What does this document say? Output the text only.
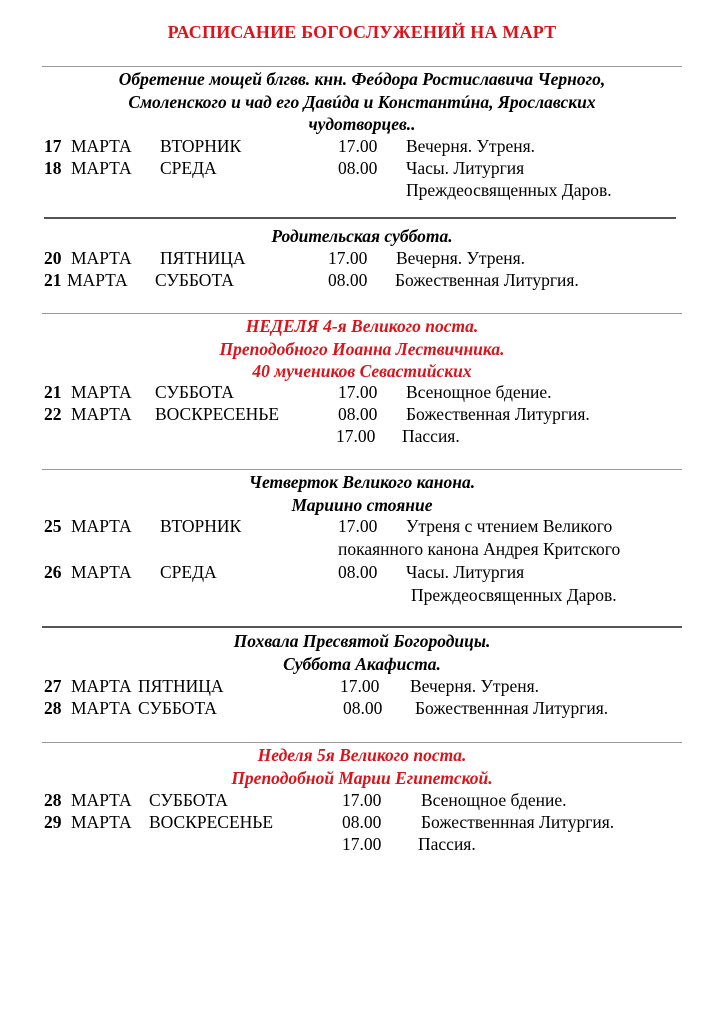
РАСПИСАНИЕ БОГОСЛУЖЕНИЙ НА МАРТ
Обретение мощей блгвв. кнн. Феóдора Ростиславича Черного,
Смоленского и чад его Давúда и Константúна, Ярославских
чудотворцев..
17 МАРТА ВТОРНИК	17.00 Вечерня. Утреня.
18 МАРТА СРЕДА	08.00 Часы. Литургия
Преждеосвященных Даров.
Родительская суббота.
20 МАРТА ПЯТНИЦА	17.00 Вечерня. Утреня.
21 МАРТА СУББОТА	08.00 Божественная Литургия.
НЕДЕЛЯ 4-я Великого поста.
Преподобного Иоанна Лествичника.
40 мучеников Севастийских
21 МАРТА СУББОТА	17.00 Всенощное бдение.
22 МАРТА ВОСКРЕСЕНЬЕ	08.00 Божественная Литургия.
17.00 Пассия.
Четверток Великого канона.
Мариино стояние
25 МАРТА ВТОРНИК	17.00 Утреня с чтением Великого
покаянного канона Андрея Критского
26 МАРТА СРЕДА	08.00 Часы. Литургия
Преждеосвященных Даров.
Похвала Пресвятой Богородицы.
Суббота Акафиста.
27 МАРТА ПЯТНИЦА	17.00 Вечерня. Утреня.
28 МАРТА СУББОТА	08.00 Божественнная Литургия.
Неделя 5я Великого поста.
Преподобной Марии Египетской.
28 МАРТА СУББОТА	17.00 Всенощное бдение.
29 МАРТА ВОСКРЕСЕНЬЕ	08.00 Божественнная Литургия.
17.00 Пассия.
